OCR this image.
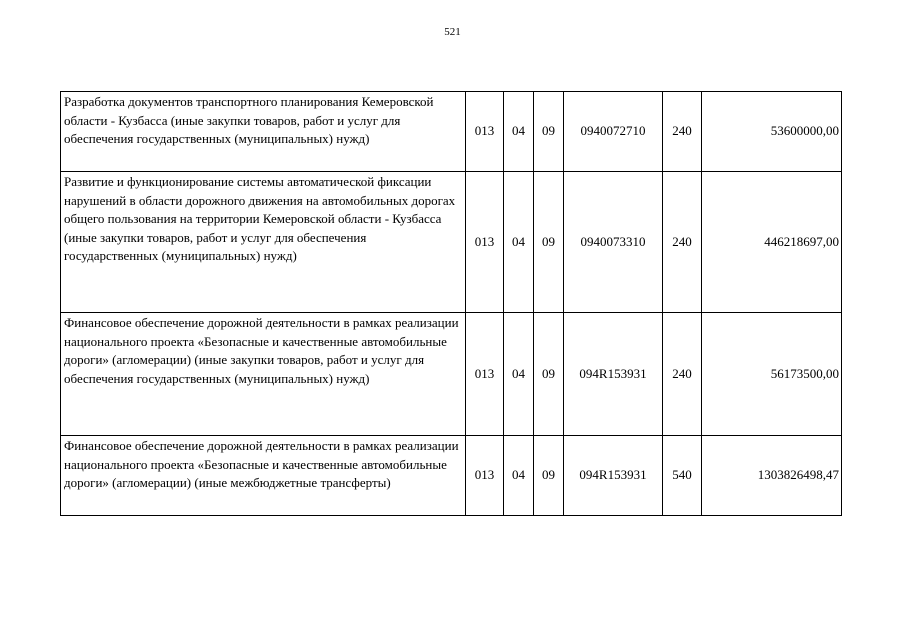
521
Разработка документов транспортного планирования Кемеровской области - Кузбасса (иные закупки товаров, работ и услуг для обеспечения государственных (муниципальных) нужд)	013	04	09	0940072710	240	53600000,00
Развитие и функционирование системы автоматической фиксации нарушений в области дорожного движения на автомобильных дорогах общего пользования на территории Кемеровской области - Кузбасса (иные закупки товаров, работ и услуг для обеспечения государственных (муниципальных) нужд)	013	04	09	0940073310	240	446218697,00
Финансовое обеспечение дорожной деятельности в рамках реализации национального проекта «Безопасные и качественные автомобильные дороги» (агломерации) (иные закупки товаров, работ и услуг для обеспечения государственных (муниципальных) нужд)	013	04	09	094R153931	240	56173500,00
Финансовое обеспечение дорожной деятельности в рамках реализации национального проекта «Безопасные и качественные автомобильные дороги» (агломерации) (иные межбюджетные трансферты)	013	04	09	094R153931	540	1303826498,47
